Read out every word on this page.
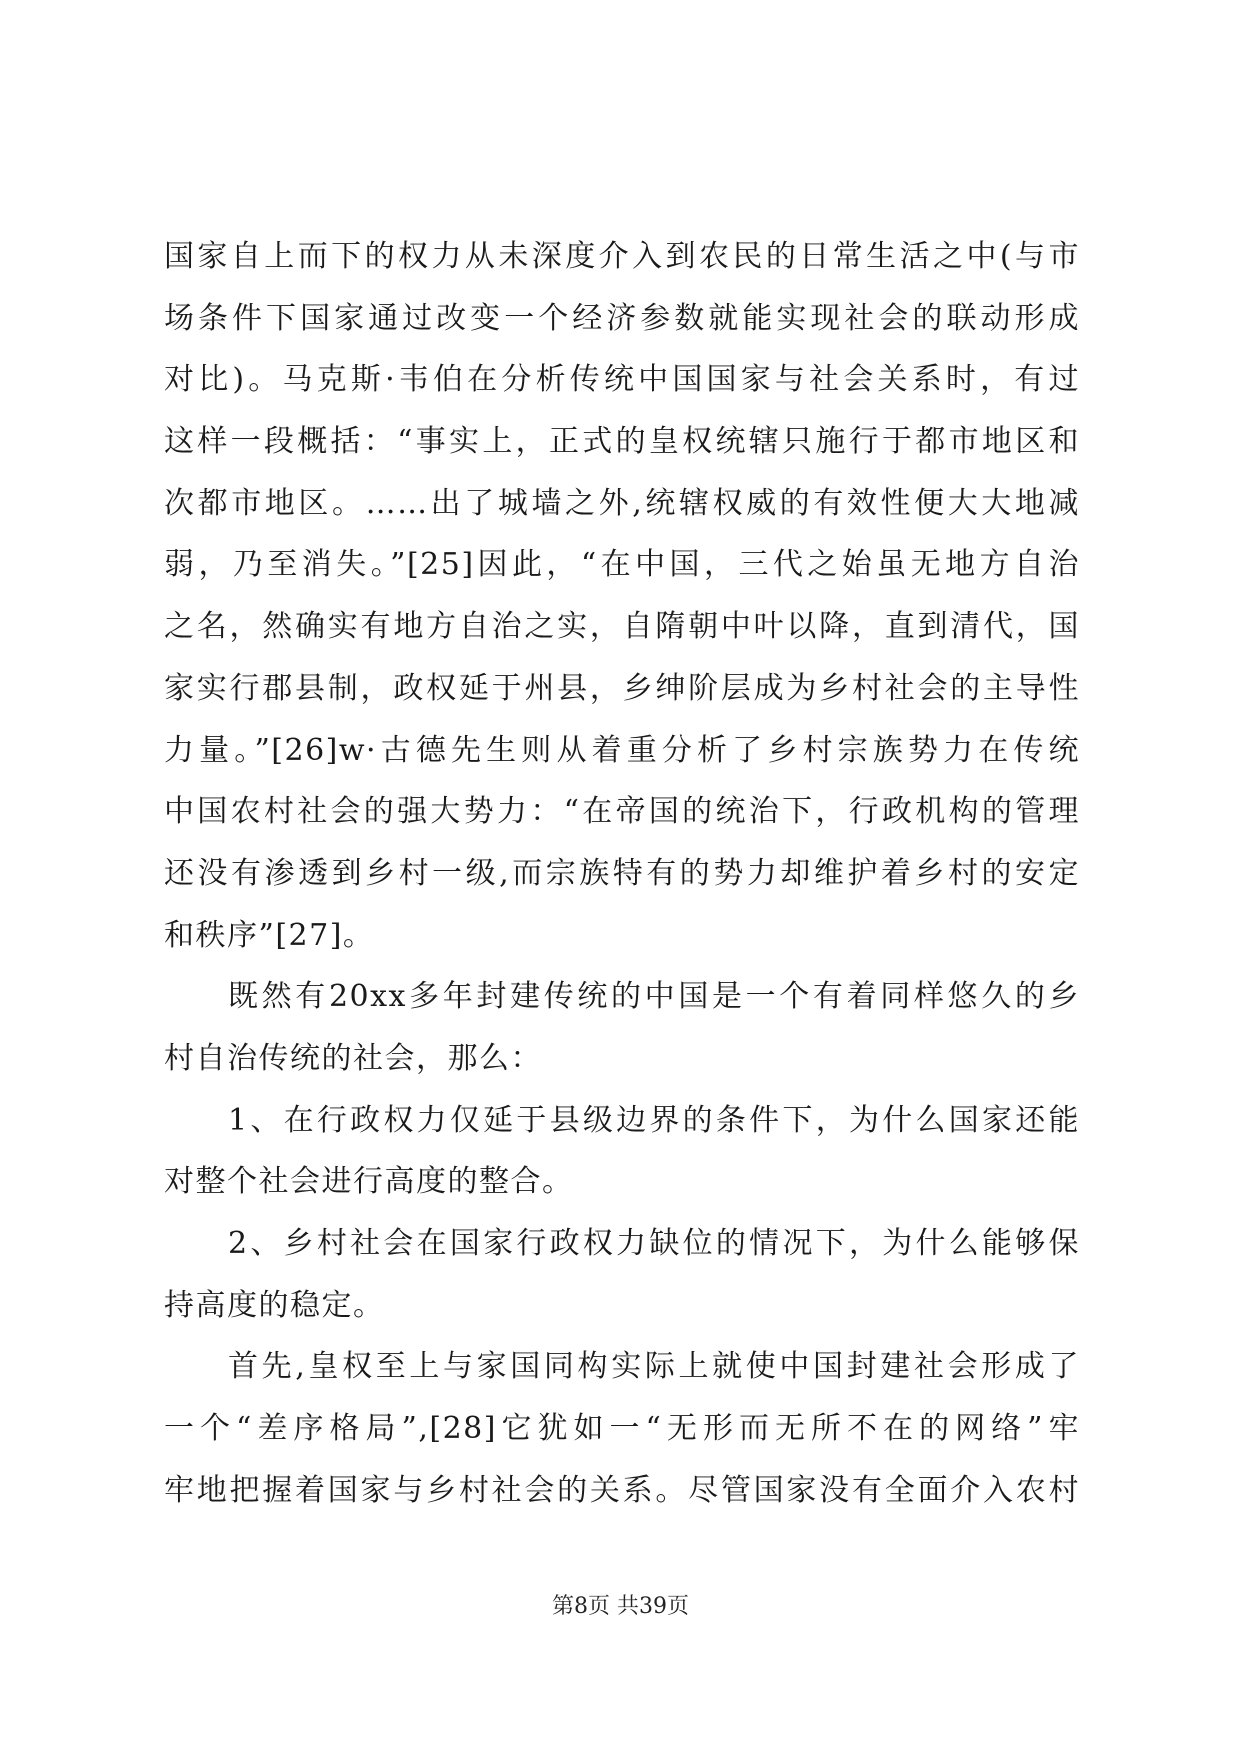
国家自上而下的权力从未深度介入到农民的日常生活之中(与市
场条件下国家通过改变一个经济参数就能实现社会的联动形成
对比)。马克斯·韦伯在分析传统中国国家与社会关系时，有过
这样一段概括：“事实上，正式的皇权统辖只施行于都市地区和
次都市地区。……出了城墙之外,统辖权威的有效性便大大地减
弱，乃至消失。”[25]因此，“在中国，三代之始虽无地方自治
之名，然确实有地方自治之实，自隋朝中叶以降，直到清代，国
家实行郡县制，政权延于州县，乡绅阶层成为乡村社会的主导性
力量。”[26]w·古德先生则从着重分析了乡村宗族势力在传统
中国农村社会的强大势力：“在帝国的统治下，行政机构的管理
还没有渗透到乡村一级,而宗族特有的势力却维护着乡村的安定
和秩序”[27]。
既然有20xx多年封建传统的中国是一个有着同样悠久的乡
村自治传统的社会，那么：
1、在行政权力仅延于县级边界的条件下，为什么国家还能
对整个社会进行高度的整合。
2、乡村社会在国家行政权力缺位的情况下，为什么能够保
持高度的稳定。
首先,皇权至上与家国同构实际上就使中国封建社会形成了
一个“差序格局”,[28]它犹如一“无形而无所不在的网络”牢
牢地把握着国家与乡村社会的关系。尽管国家没有全面介入农村
第8页 共39页
